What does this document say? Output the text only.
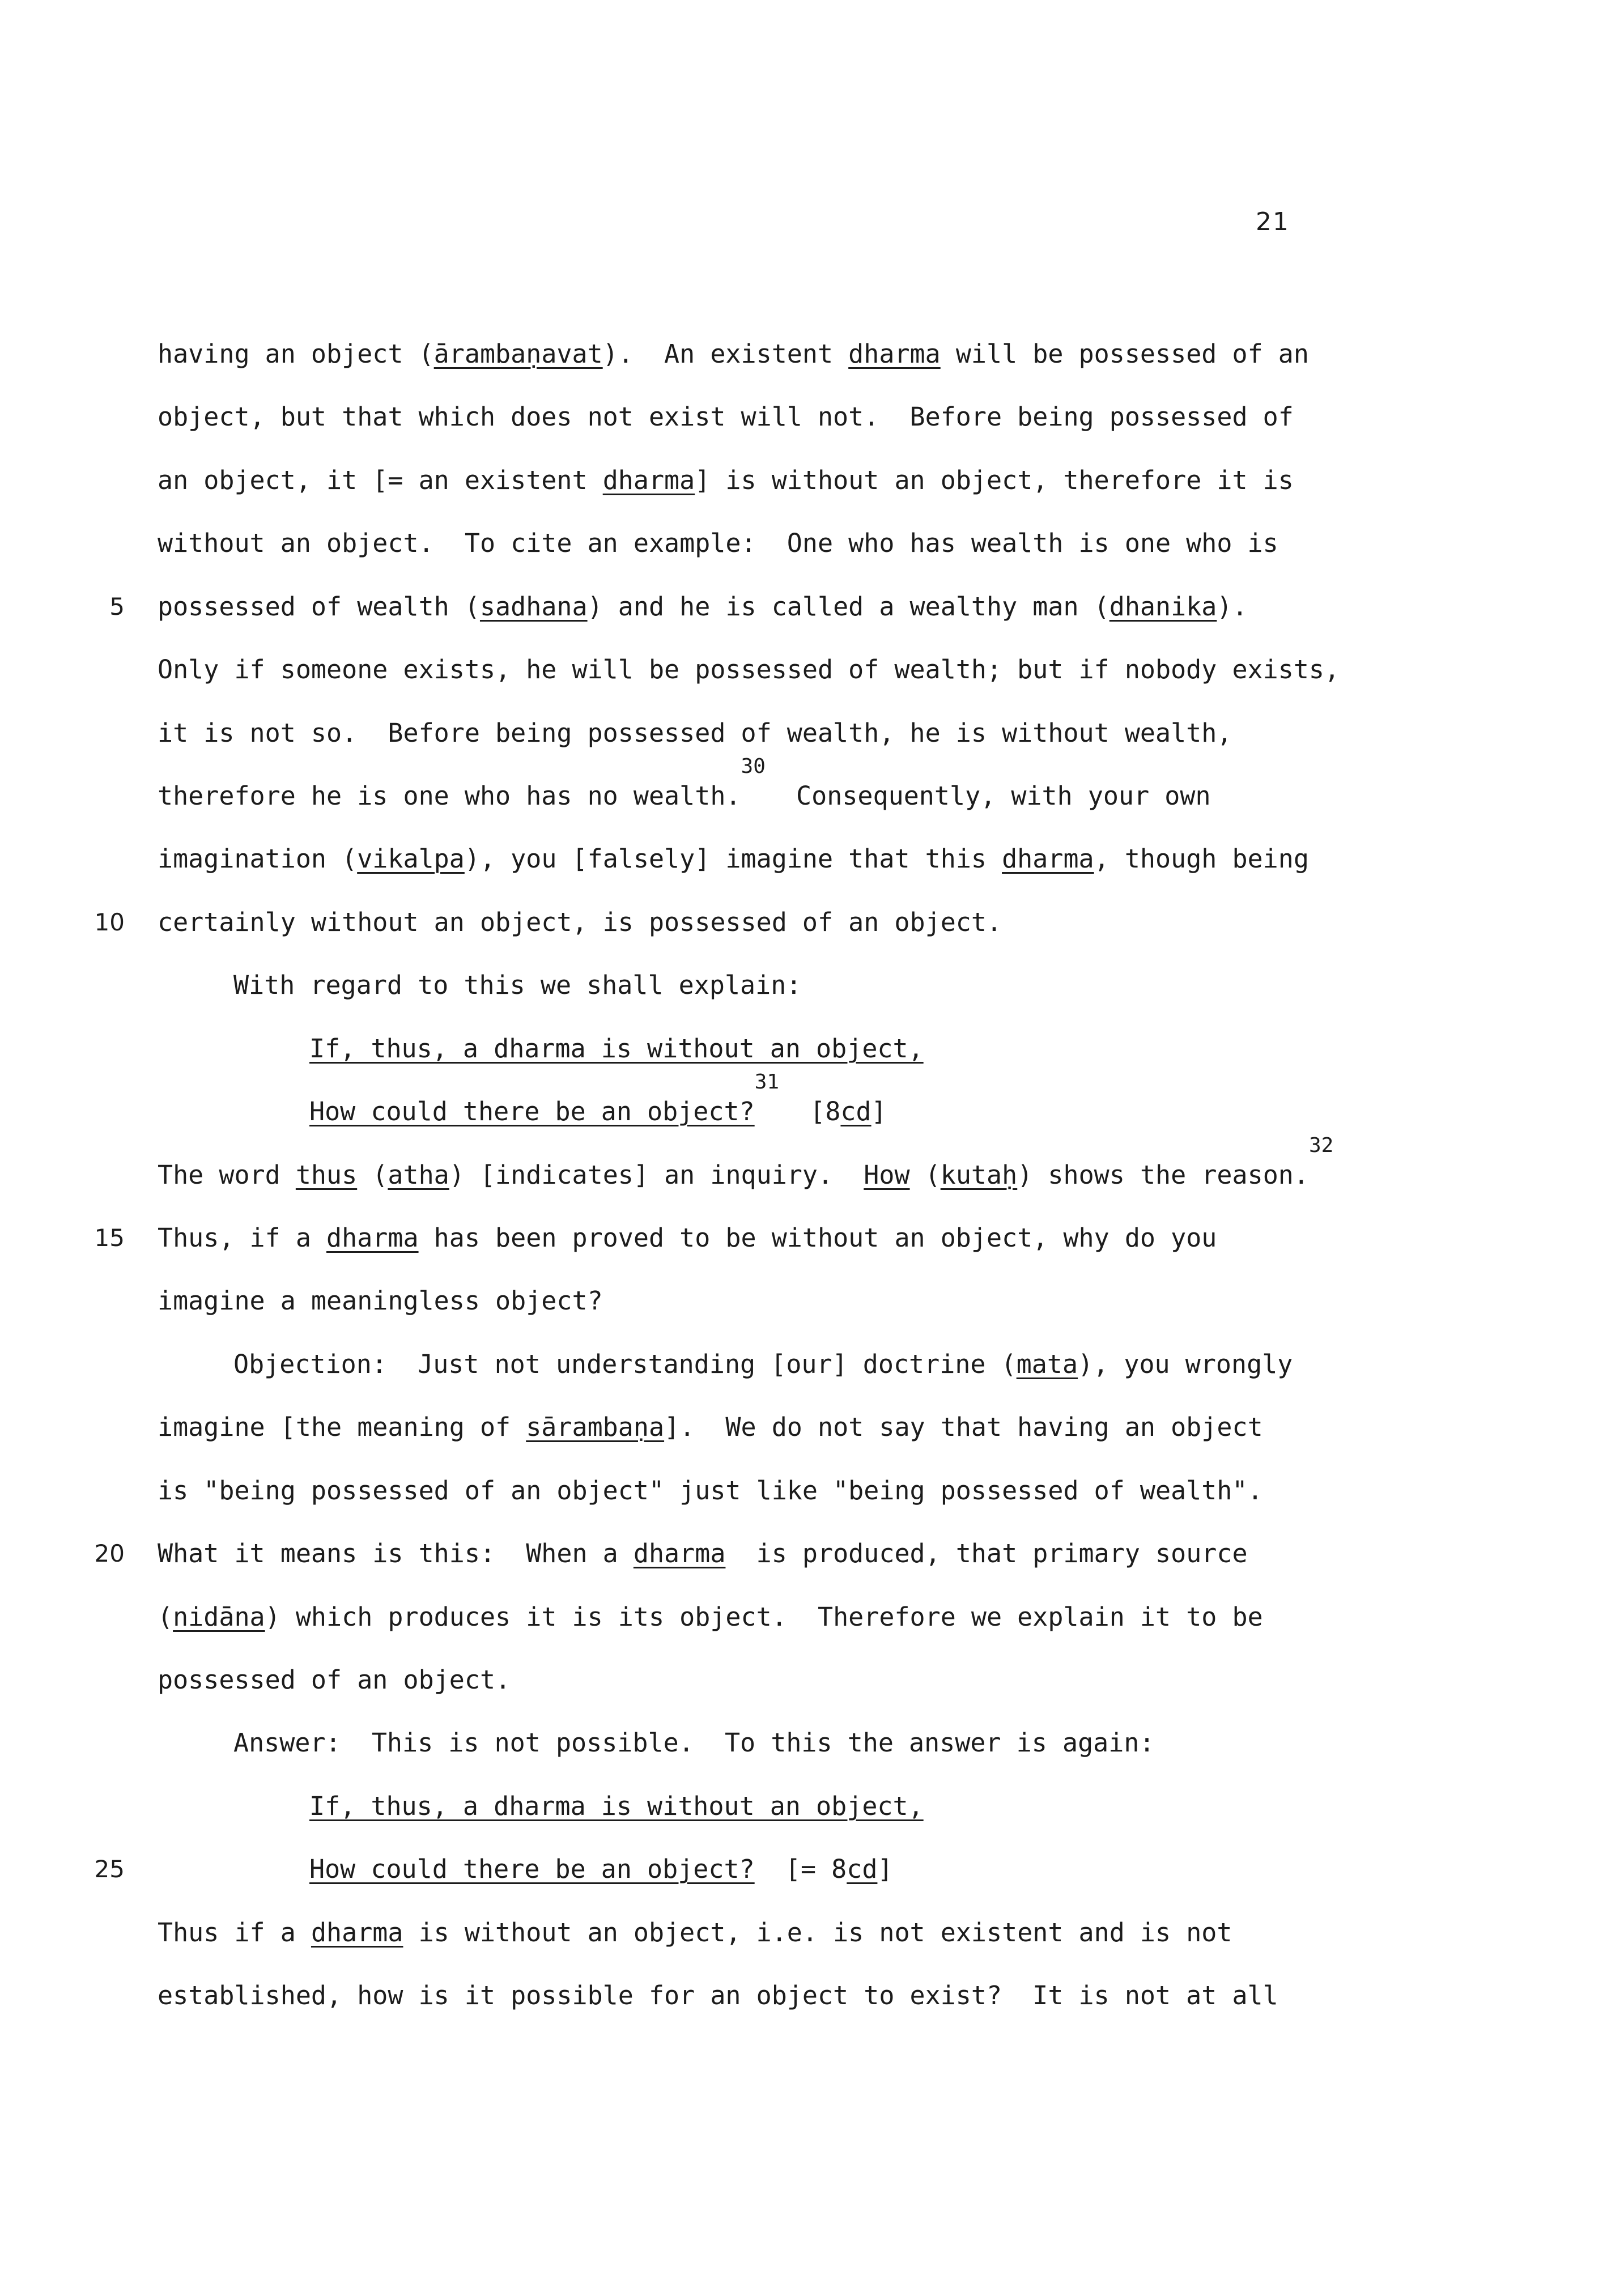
21
having an object (ārambaṇavat).  An existent dharma will be possessed of an
object, but that which does not exist will not.  Before being possessed of
an object, it [= an existent dharma] is without an object, therefore it is
without an object.  To cite an example:  One who has wealth is one who is
5 possessed of wealth (sadhana) and he is called a wealthy man (dhanika).
Only if someone exists, he will be possessed of wealth; but if nobody exists,
it is not so.  Before being possessed of wealth, he is without wealth,
therefore he is one who has no wealth.$^{30}$  Consequently, with your own
imagination (vikalpa), you [falsely] imagine that this dharma, though being
10 certainly without an object, is possessed of an object.
With regard to this we shall explain:
If, thus, a dharma is without an object,
How could there be an object?$^{31}$  [8cd]
The word thus (atha) [indicates] an inquiry.  How (kutaḥ) shows the reason.$^{32}$
15 Thus, if a dharma has been proved to be without an object, why do you
imagine a meaningless object?
Objection:  Just not understanding [our] doctrine (mata), you wrongly
imagine [the meaning of sārambaṇa].  We do not say that having an object
is "being possessed of an object" just like "being possessed of wealth".
20 What it means is this:  When a dharma  is produced, that primary source
(nidāna) which produces it is its object.  Therefore we explain it to be
possessed of an object.
Answer:  This is not possible.  To this the answer is again:
If, thus, a dharma is without an object,
25	How could there be an object?  [= 8cd]
Thus if a dharma is without an object, i.e. is not existent and is not
established, how is it possible for an object to exist?  It is not at all
